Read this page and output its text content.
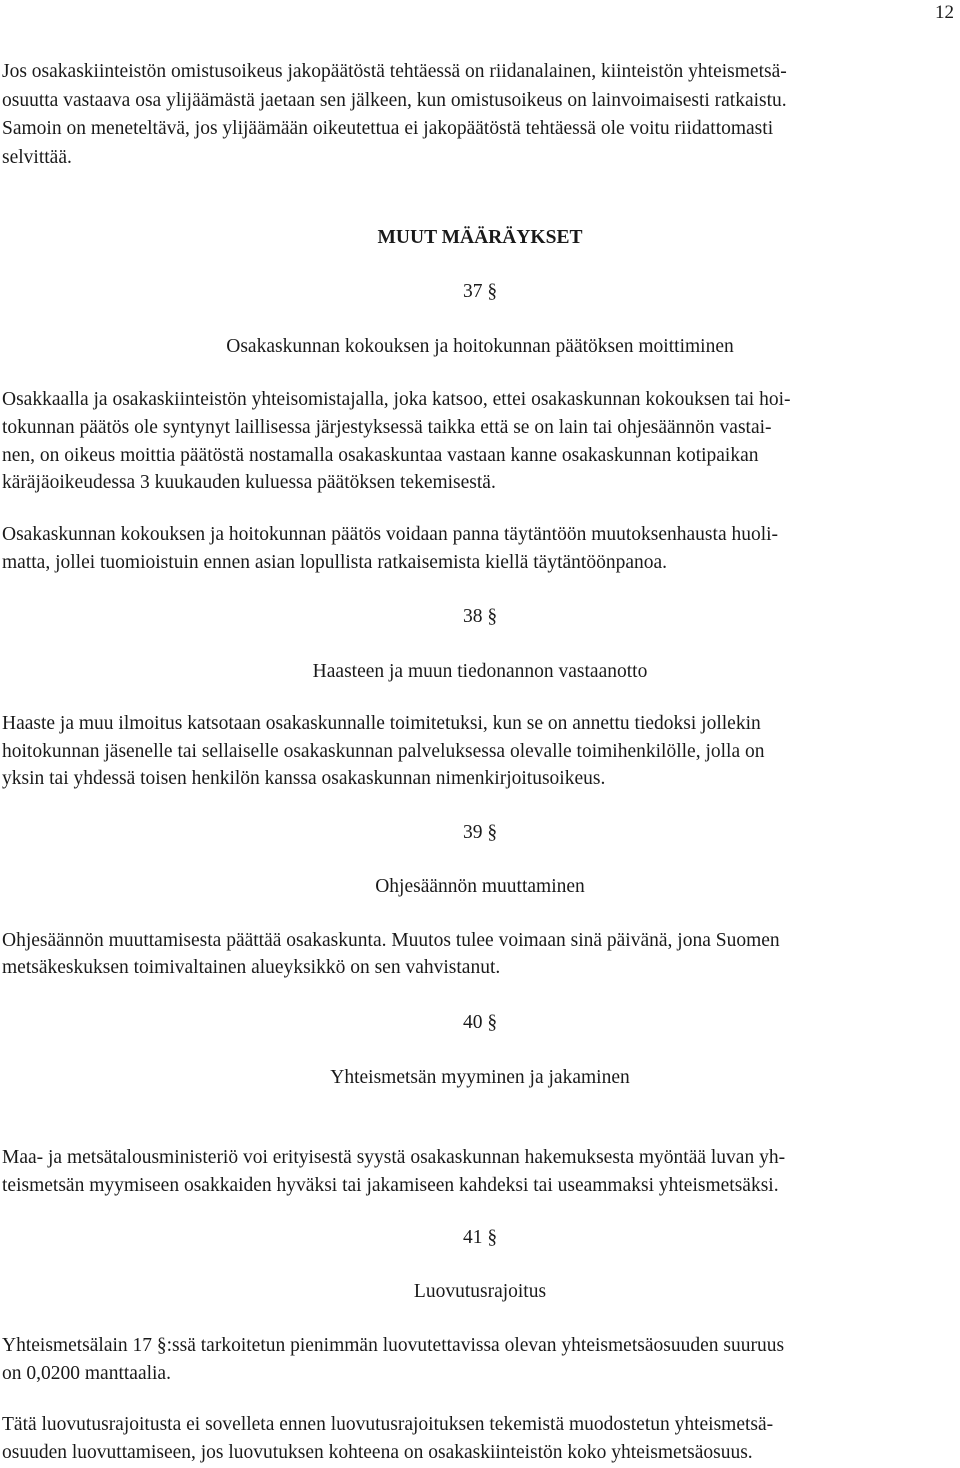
12
Jos osakaskiinteistön omistusoikeus jakopäätöstä tehtäessä on riidanalainen, kiinteistön yhteismetsä-
osuutta vastaava osa ylijäämästä jaetaan sen jälkeen, kun omistusoikeus on lainvoimaisesti ratkaistu.
Samoin on meneteltävä, jos ylijäämään oikeutettua ei jakopäätöstä tehtäessä ole voitu riidattomasti
selvittää.
MUUT MÄÄRÄYKSET
37 §
Osakaskunnan kokouksen ja hoitokunnan päätöksen moittiminen
Osakkaalla ja osakaskiinteistön yhteisomistajalla, joka katsoo, ettei osakaskunnan kokouksen tai hoi-
tokunnan päätös ole syntynyt laillisessa järjestyksessä taikka että se on lain tai ohjesäännön vastai-
nen, on oikeus moittia päätöstä nostamalla osakaskuntaa vastaan kanne osakaskunnan kotipaikan
käräjäoikeudessa 3 kuukauden kuluessa päätöksen tekemisestä.
Osakaskunnan kokouksen ja hoitokunnan päätös voidaan panna täytäntöön muutoksenhausta huoli-
matta, jollei tuomioistuin ennen asian lopullista ratkaisemista kiellä täytäntöönpanoa.
38 §
Haasteen ja muun tiedonannon vastaanotto
Haaste ja muu ilmoitus katsotaan osakaskunnalle toimitetuksi, kun se on annettu tiedoksi jollekin
hoitokunnan jäsenelle tai sellaiselle osakaskunnan palveluksessa olevalle toimihenkilölle, jolla on
yksin tai yhdessä toisen henkilön kanssa osakaskunnan nimenkirjoitusoikeus.
39 §
Ohjesäännön muuttaminen
Ohjesäännön muuttamisesta päättää osakaskunta. Muutos tulee voimaan sinä päivänä, jona Suomen
metsäkeskuksen toimivaltainen alueyksikkö on sen vahvistanut.
40 §
Yhteismetsän myyminen ja jakaminen
Maa- ja metsätalousministeriö voi erityisestä syystä osakaskunnan hakemuksesta myöntää luvan yh-
teismetsän myymiseen osakkaiden hyväksi tai jakamiseen kahdeksi tai useammaksi yhteismetsäksi.
41 §
Luovutusrajoitus
Yhteismetsälain 17 §:ssä tarkoitetun pienimmän luovutettavissa olevan yhteismetsäosuuden suuruus
on 0,0200 manttaalia.
Tätä luovutusrajoitusta ei sovelleta ennen luovutusrajoituksen tekemistä muodostetun yhteismetsä-
osuuden luovuttamiseen, jos luovutuksen kohteena on osakaskiinteistön koko yhteismetsäosuus.
